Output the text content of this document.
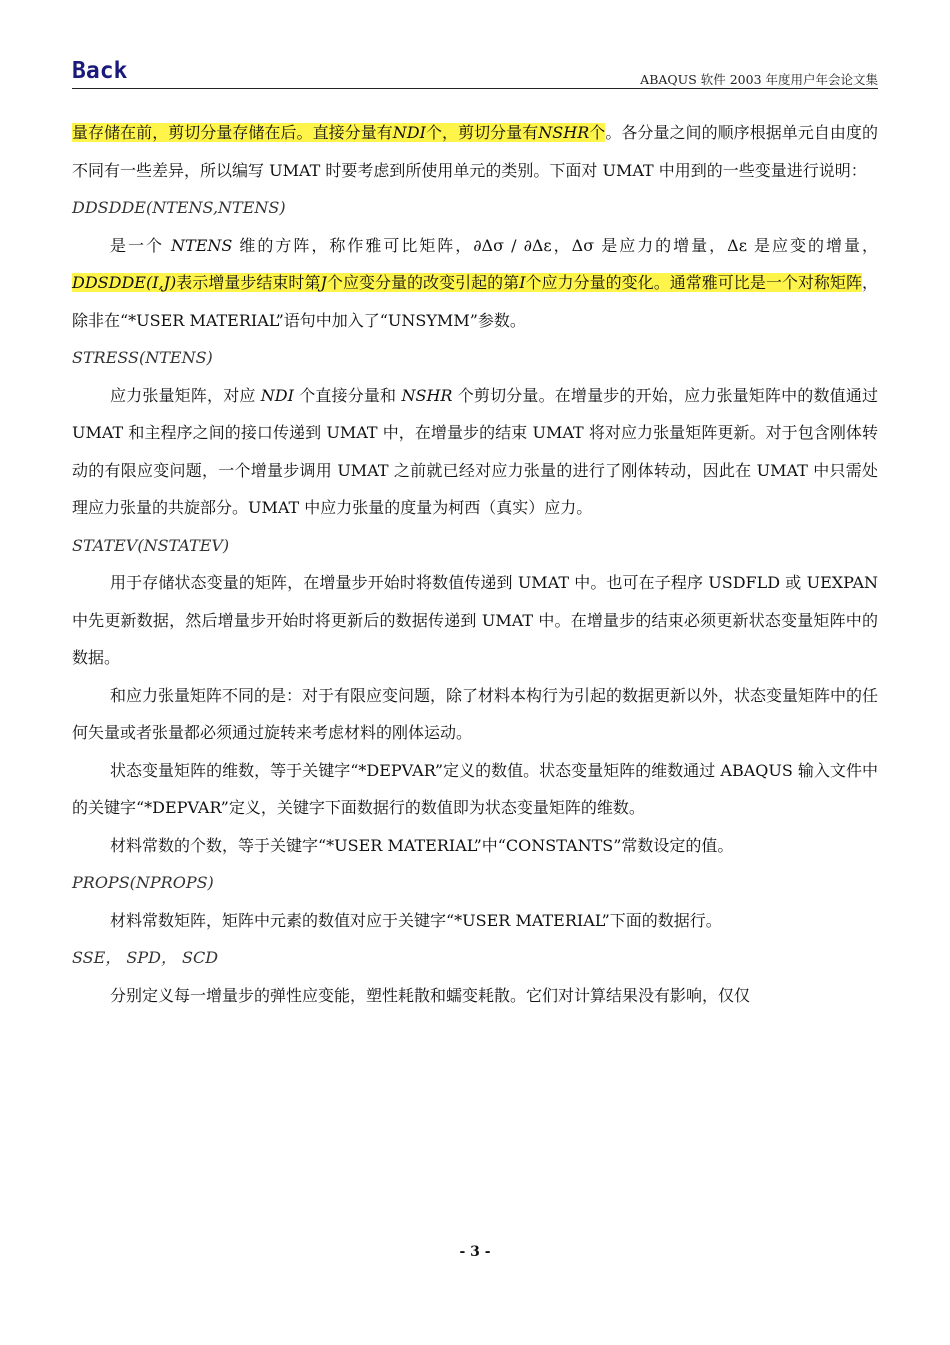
Back	ABAQUS 软件 2003 年度用户年会论文集

量存储在前，剪切分量存储在后。直接分量有NDI个，剪切分量有NSHR个。各分量之间的顺序根据单元自由度的不同有一些差异，所以编写 UMAT 时要考虑到所使用单元的类别。下面对 UMAT 中用到的一些变量进行说明：

DDSDDE(NTENS,NTENS)

是一个 NTENS 维的方阵，称作雅可比矩阵，∂Δσ / ∂Δε，Δσ 是应力的增量，Δε 是应变的增量，DDSDDE(I,J)表示增量步结束时第J个应变分量的改变引起的第I个应力分量的变化。通常雅可比是一个对称矩阵，除非在“*USER MATERIAL”语句中加入了“UNSYMM”参数。

STRESS(NTENS)

应力张量矩阵，对应 NDI 个直接分量和 NSHR 个剪切分量。在增量步的开始，应力张量矩阵中的数值通过 UMAT 和主程序之间的接口传递到 UMAT 中，在增量步的结束 UMAT 将对应力张量矩阵更新。对于包含刚体转动的有限应变问题，一个增量步调用 UMAT 之前就已经对应力张量的进行了刚体转动，因此在 UMAT 中只需处理应力张量的共旋部分。UMAT 中应力张量的度量为柯西（真实）应力。

STATEV(NSTATEV)

用于存储状态变量的矩阵，在增量步开始时将数值传递到 UMAT 中。也可在子程序 USDFLD 或 UEXPAN 中先更新数据，然后增量步开始时将更新后的数据传递到 UMAT 中。在增量步的结束必须更新状态变量矩阵中的数据。

和应力张量矩阵不同的是：对于有限应变问题，除了材料本构行为引起的数据更新以外，状态变量矩阵中的任何矢量或者张量都必须通过旋转来考虑材料的刚体运动。

状态变量矩阵的维数，等于关键字“*DEPVAR”定义的数值。状态变量矩阵的维数通过 ABAQUS 输入文件中的关键字“*DEPVAR”定义，关键字下面数据行的数值即为状态变量矩阵的维数。

材料常数的个数，等于关键字“*USER MATERIAL”中“CONSTANTS”常数设定的值。

PROPS(NPROPS)

材料常数矩阵，矩阵中元素的数值对应于关键字“*USER MATERIAL”下面的数据行。

SSE， SPD， SCD

分别定义每一增量步的弹性应变能，塑性耗散和蠕变耗散。它们对计算结果没有影响，仅仅

- 3 -
